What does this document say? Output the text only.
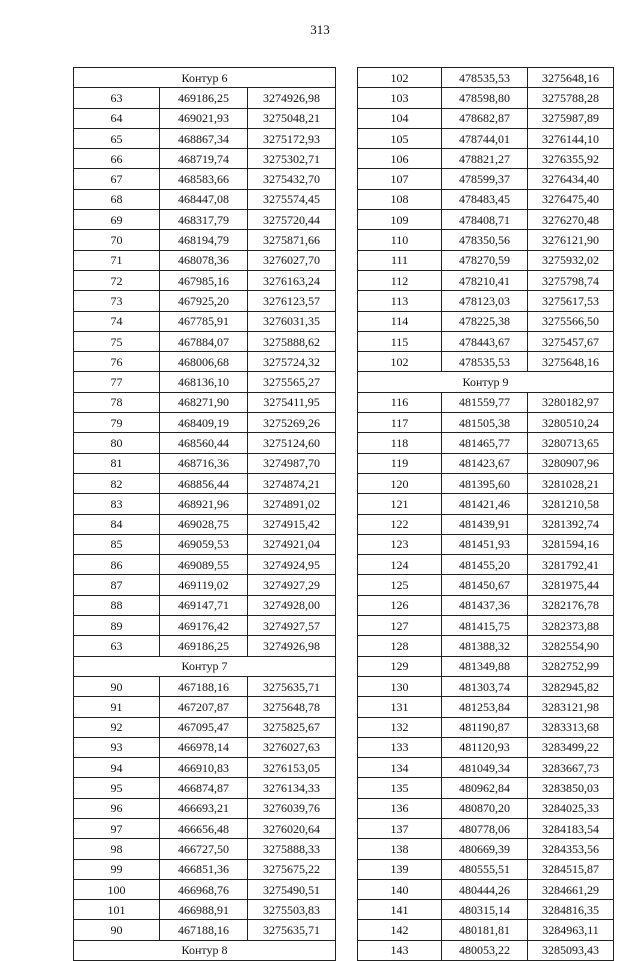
313
Контур 6		
63	469186,25	3274926,98
64	469021,93	3275048,21
65	468867,34	3275172,93
66	468719,74	3275302,71
67	468583,66	3275432,70
68	468447,08	3275574,45
69	468317,79	3275720,44
70	468194,79	3275871,66
71	468078,36	3276027,70
72	467985,16	3276163,24
73	467925,20	3276123,57
74	467785,91	3276031,35
75	467884,07	3275888,62
76	468006,68	3275724,32
77	468136,10	3275565,27
78	468271,90	3275411,95
79	468409,19	3275269,26
80	468560,44	3275124,60
81	468716,36	3274987,70
82	468856,44	3274874,21
83	468921,96	3274891,02
84	469028,75	3274915,42
85	469059,53	3274921,04
86	469089,55	3274924,95
87	469119,02	3274927,29
88	469147,71	3274928,00
89	469176,42	3274927,57
63	469186,25	3274926,98
Контур 7		
90	467188,16	3275635,71
91	467207,87	3275648,78
92	467095,47	3275825,67
93	466978,14	3276027,63
94	466910,83	3276153,05
95	466874,87	3276134,33
96	466693,21	3276039,76
97	466656,48	3276020,64
98	466727,50	3275888,33
99	466851,36	3275675,22
100	466968,76	3275490,51
101	466988,91	3275503,83
90	467188,16	3275635,71
Контур 8		
102	478535,53	3275648,16
103	478598,80	3275788,28
104	478682,87	3275987,89
105	478744,01	3276144,10
106	478821,27	3276355,92
107	478599,37	3276434,40
108	478483,45	3276475,40
109	478408,71	3276270,48
110	478350,56	3276121,90
111	478270,59	3275932,02
112	478210,41	3275798,74
113	478123,03	3275617,53
114	478225,38	3275566,50
115	478443,67	3275457,67
102	478535,53	3275648,16
Контур 9		
116	481559,77	3280182,97
117	481505,38	3280510,24
118	481465,77	3280713,65
119	481423,67	3280907,96
120	481395,60	3281028,21
121	481421,46	3281210,58
122	481439,91	3281392,74
123	481451,93	3281594,16
124	481455,20	3281792,41
125	481450,67	3281975,44
126	481437,36	3282176,78
127	481415,75	3282373,88
128	481388,32	3282554,90
129	481349,88	3282752,99
130	481303,74	3282945,82
131	481253,84	3283121,98
132	481190,87	3283313,68
133	481120,93	3283499,22
134	481049,34	3283667,73
135	480962,84	3283850,03
136	480870,20	3284025,33
137	480778,06	3284183,54
138	480669,39	3284353,56
139	480555,51	3284515,87
140	480444,26	3284661,29
141	480315,14	3284816,35
142	480181,81	3284963,11
143	480053,22	3285093,43
